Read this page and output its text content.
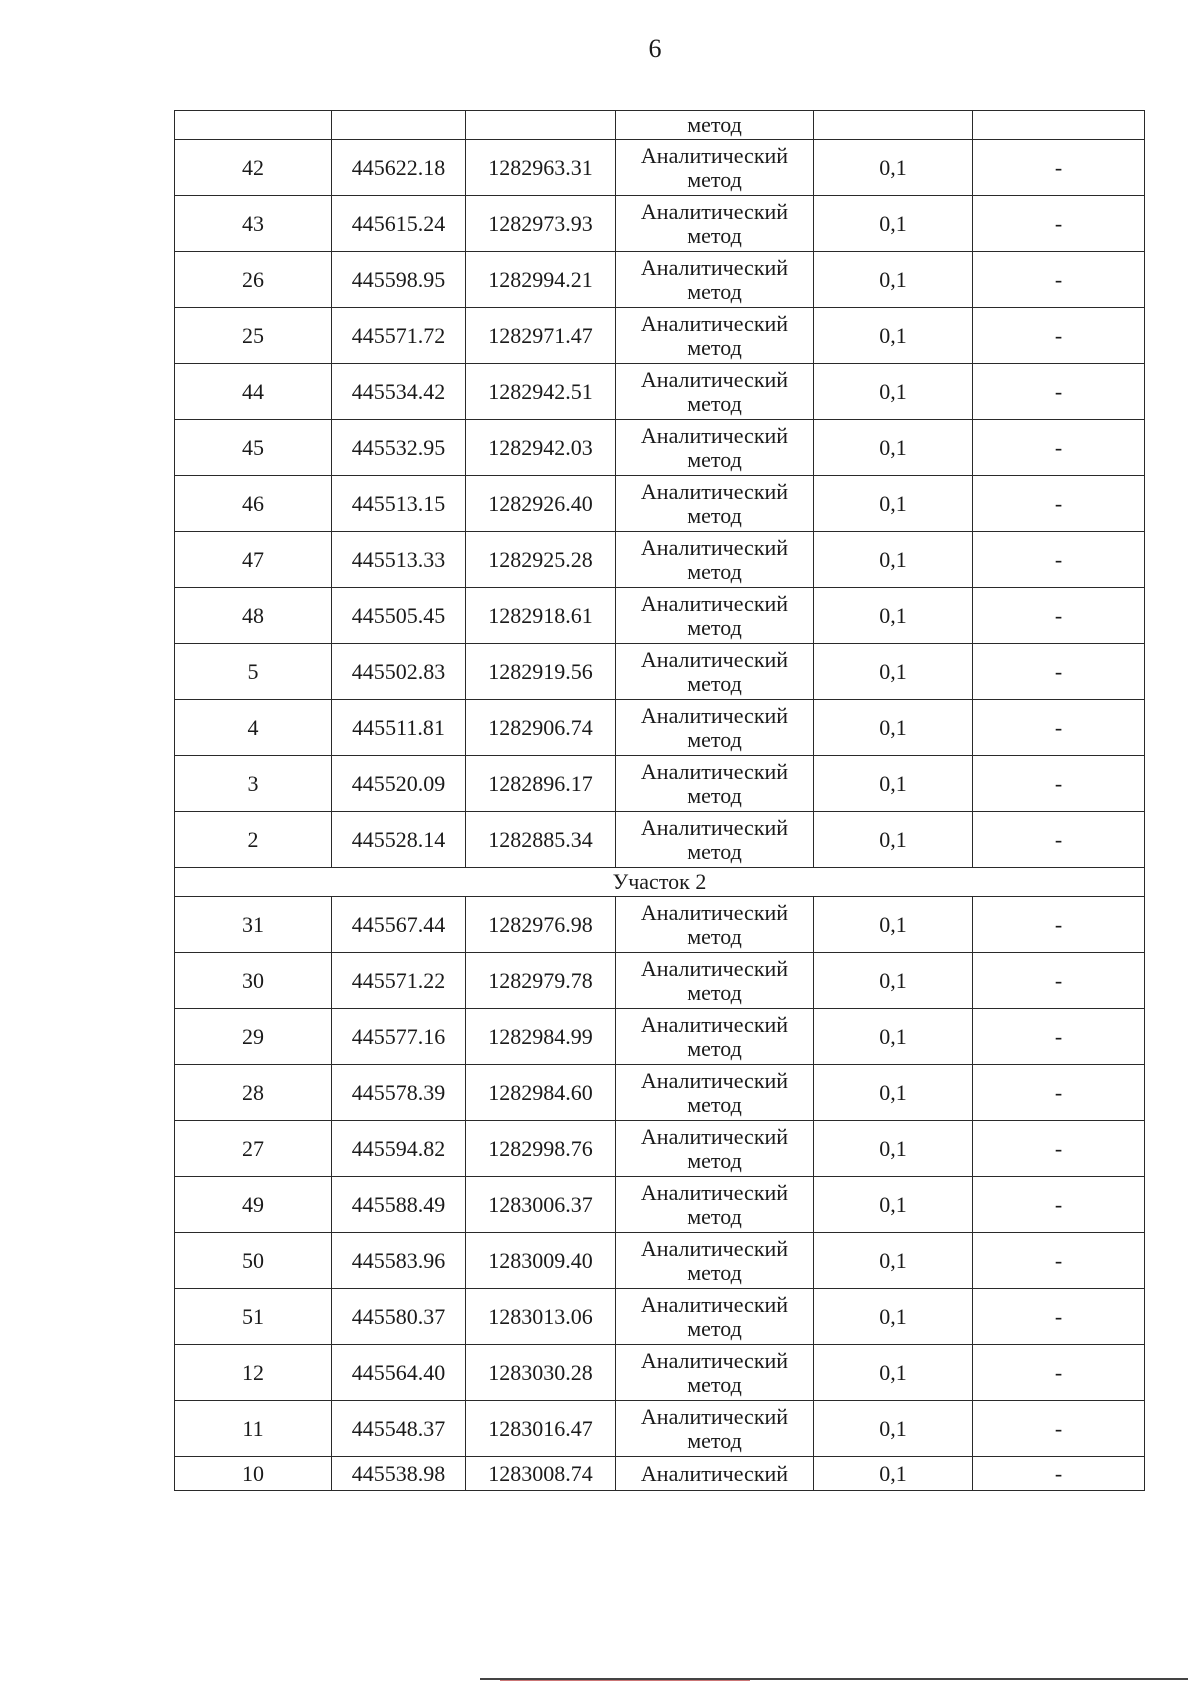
6
			метод		
42	445622.18	1282963.31	Аналитический
метод	0,1	-
43	445615.24	1282973.93	Аналитический
метод	0,1	-
26	445598.95	1282994.21	Аналитический
метод	0,1	-
25	445571.72	1282971.47	Аналитический
метод	0,1	-
44	445534.42	1282942.51	Аналитический
метод	0,1	-
45	445532.95	1282942.03	Аналитический
метод	0,1	-
46	445513.15	1282926.40	Аналитический
метод	0,1	-
47	445513.33	1282925.28	Аналитический
метод	0,1	-
48	445505.45	1282918.61	Аналитический
метод	0,1	-
5	445502.83	1282919.56	Аналитический
метод	0,1	-
4	445511.81	1282906.74	Аналитический
метод	0,1	-
3	445520.09	1282896.17	Аналитический
метод	0,1	-
2	445528.14	1282885.34	Аналитический
метод	0,1	-
Участок 2					
31	445567.44	1282976.98	Аналитический
метод	0,1	-
30	445571.22	1282979.78	Аналитический
метод	0,1	-
29	445577.16	1282984.99	Аналитический
метод	0,1	-
28	445578.39	1282984.60	Аналитический
метод	0,1	-
27	445594.82	1282998.76	Аналитический
метод	0,1	-
49	445588.49	1283006.37	Аналитический
метод	0,1	-
50	445583.96	1283009.40	Аналитический
метод	0,1	-
51	445580.37	1283013.06	Аналитический
метод	0,1	-
12	445564.40	1283030.28	Аналитический
метод	0,1	-
11	445548.37	1283016.47	Аналитический
метод	0,1	-
10	445538.98	1283008.74	Аналитический	0,1	-
